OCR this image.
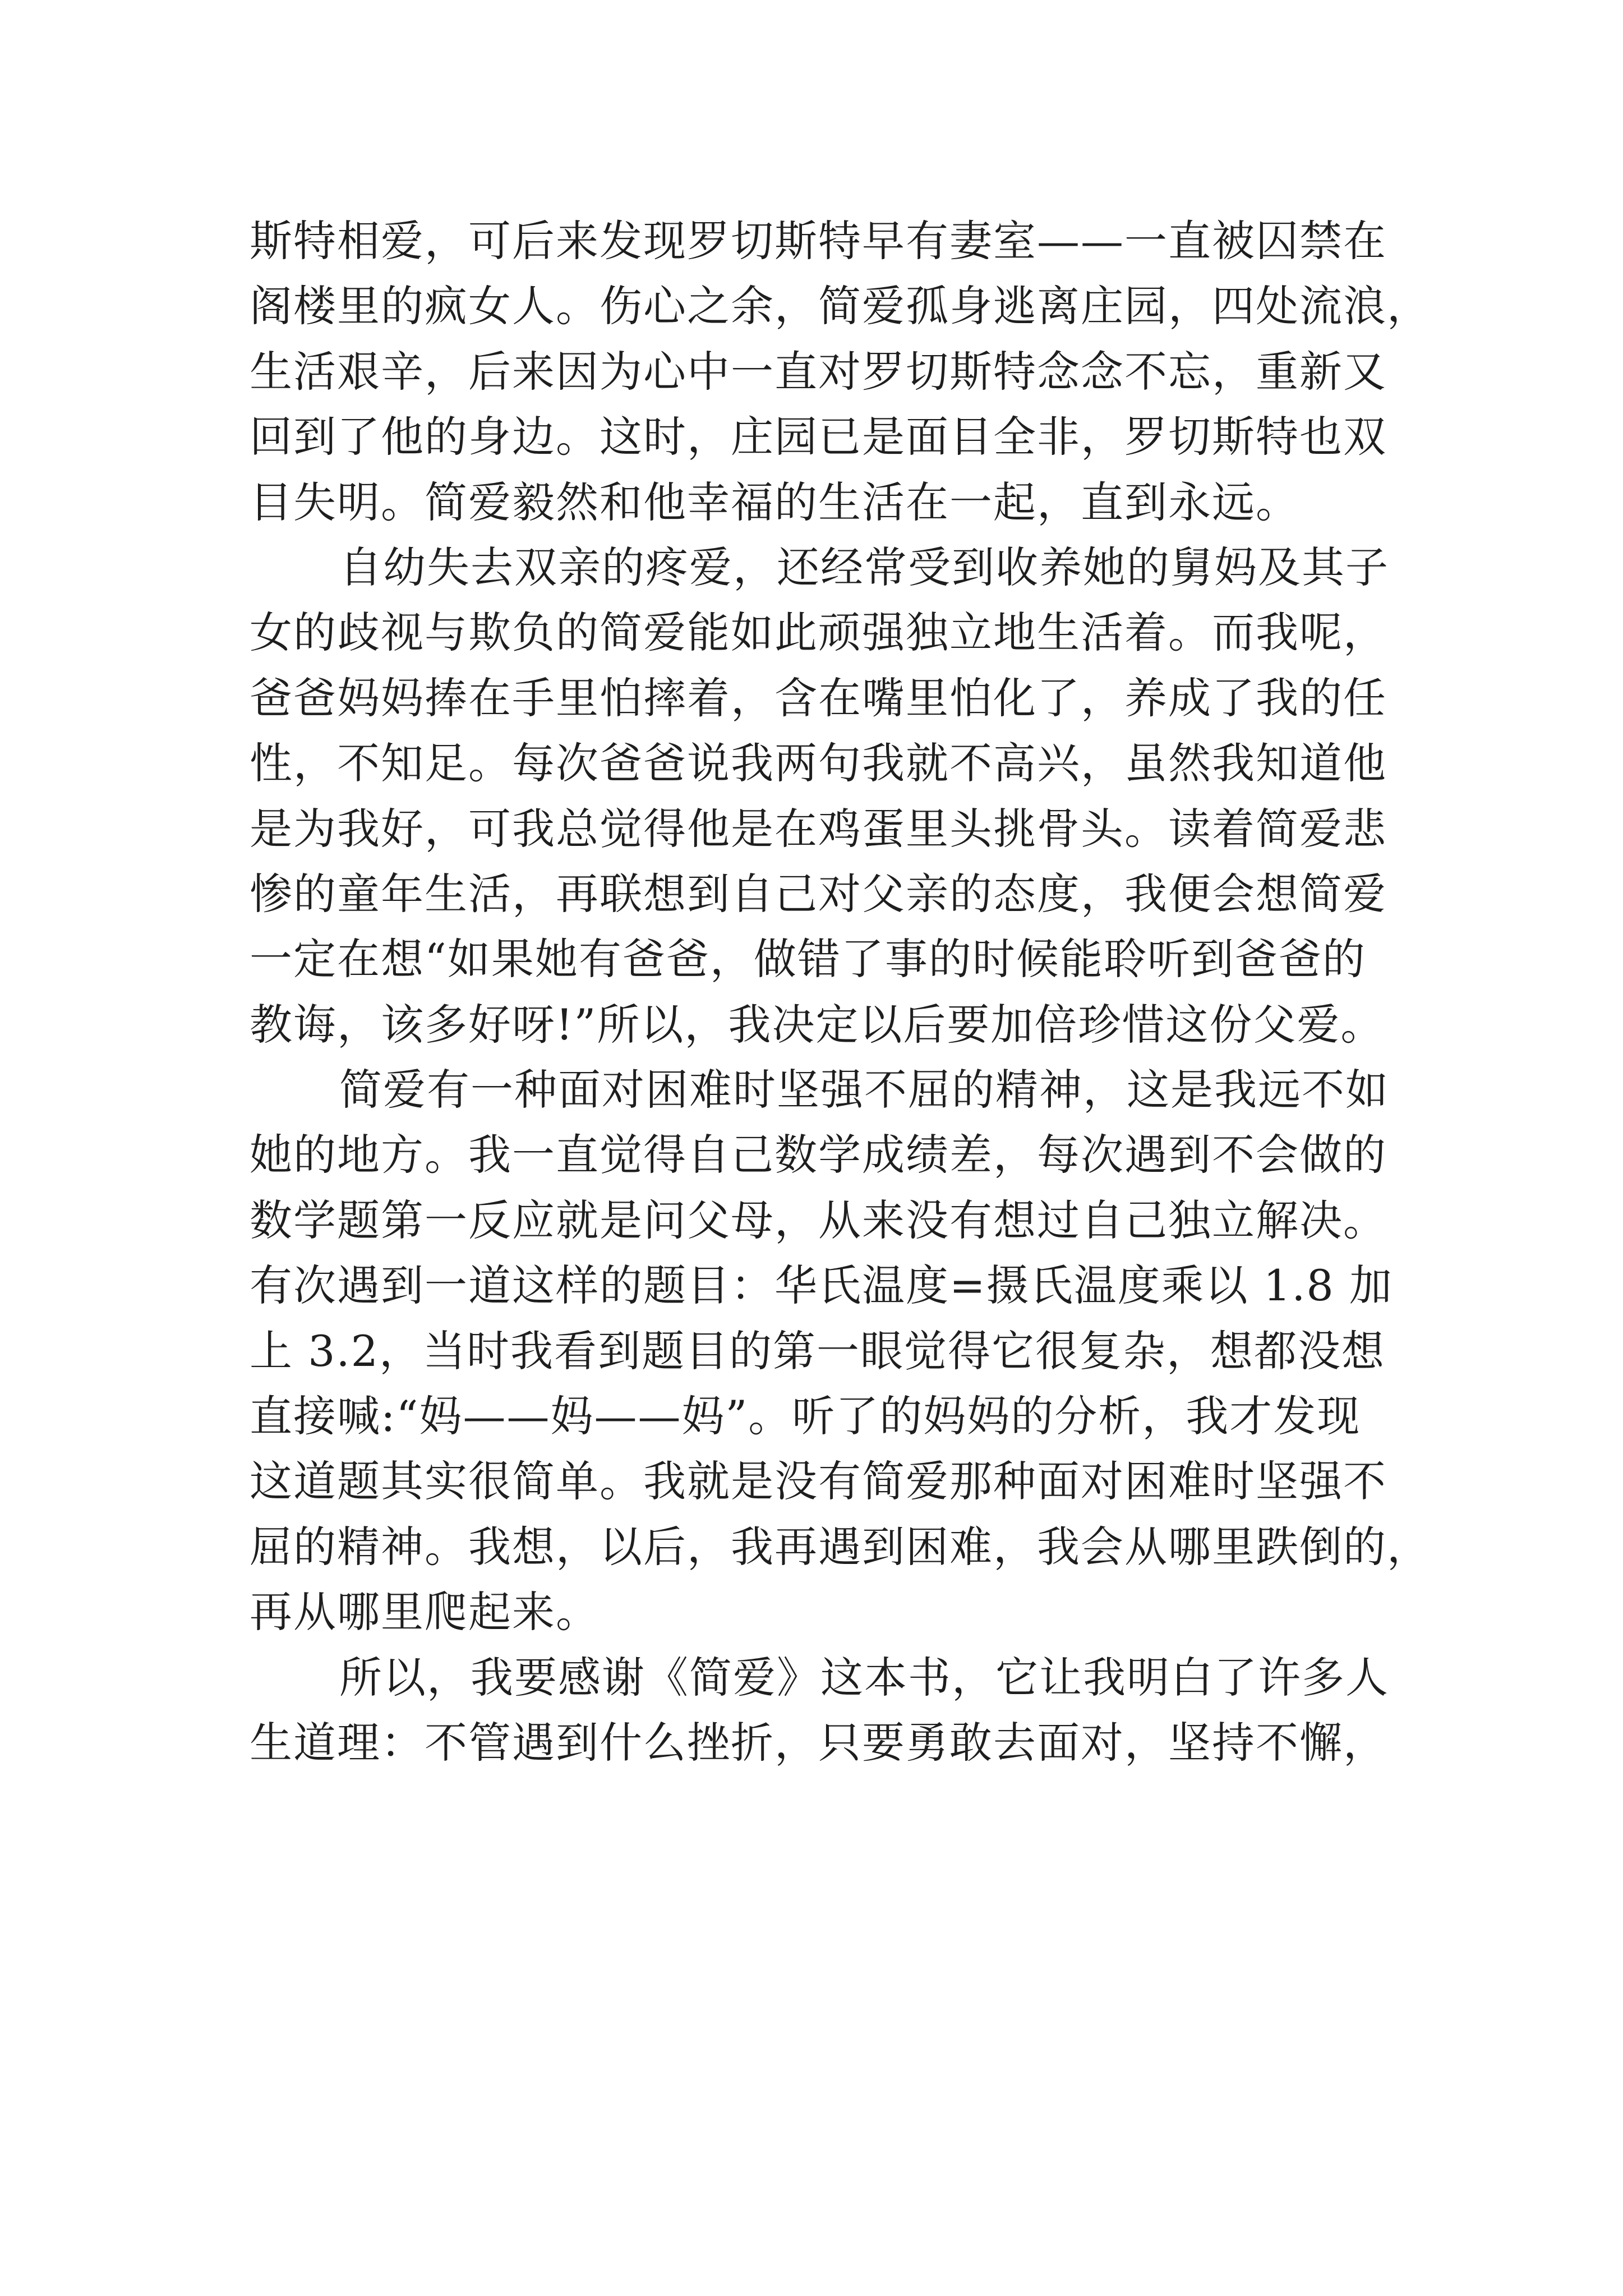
斯特相爱，可后来发现罗切斯特早有妻室——一直被囚禁在
阁楼里的疯女人。伤心之余，简爱孤身逃离庄园，四处流浪，
生活艰辛，后来因为心中一直对罗切斯特念念不忘，重新又
回到了他的身边。这时，庄园已是面目全非，罗切斯特也双
目失明。简爱毅然和他幸福的生活在一起，直到永远。
自幼失去双亲的疼爱，还经常受到收养她的舅妈及其子
女的歧视与欺负的简爱能如此顽强独立地生活着。而我呢，
爸爸妈妈捧在手里怕摔着，含在嘴里怕化了，养成了我的任
性，不知足。每次爸爸说我两句我就不高兴，虽然我知道他
是为我好，可我总觉得他是在鸡蛋里头挑骨头。读着简爱悲
惨的童年生活，再联想到自己对父亲的态度，我便会想简爱
一定在想“如果她有爸爸，做错了事的时候能聆听到爸爸的
教诲，该多好呀!”所以，我决定以后要加倍珍惜这份父爱。
简爱有一种面对困难时坚强不屈的精神，这是我远不如
她的地方。我一直觉得自己数学成绩差，每次遇到不会做的
数学题第一反应就是问父母，从来没有想过自己独立解决。
有次遇到一道这样的题目：华氏温度=摄氏温度乘以 1.8 加
上 3.2，当时我看到题目的第一眼觉得它很复杂，想都没想
直接喊:“妈——妈——妈”。听了的妈妈的分析，我才发现
这道题其实很简单。我就是没有简爱那种面对困难时坚强不
屈的精神。我想，以后，我再遇到困难，我会从哪里跌倒的，
再从哪里爬起来。
所以，我要感谢《简爱》这本书，它让我明白了许多人
生道理：不管遇到什么挫折，只要勇敢去面对，坚持不懈，
